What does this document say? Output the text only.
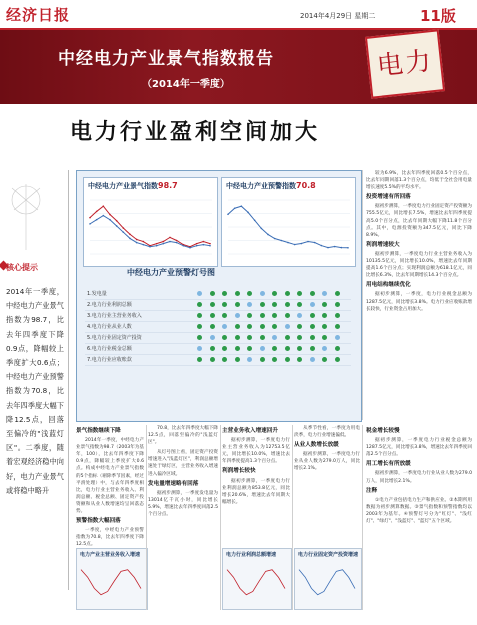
经济日报	2014年4月29日 星期二	11版
中经电力产业景气指数报告
（2014年一季度）
电力
电力行业盈利空间加大
核心提示
2014年一季度，中经电力产业景气指数为98.7，比去年四季度下降0.9点，降幅较上季度扩大0.6点；中经电力产业预警指数为70.8，比去年四季度大幅下降12.5点，回落至偏冷的"浅蓝灯区"。二季度，随着宏观经济稳中向好，电力产业景气或将稳中略升
中经电力产业景气指数98.7	中经电力产业预警指数70.8
中经电力产业预警灯号图
1.发电量
2.电力行业利润总额
3.电力行业主营业务收入
4.电力行业从业人数
5.电力行业固定资产投资
6.电力行业税金总额
7.电力行业应收账款

较为6.9%，比去年四季度回落0.5个百分点，比去年同期回落1.3个百分点，均低于全社会用电量增长速度5.5%的平均水平。

投资增速有所回落

据初步测算，一季度电力行业固定资产投资额为755.5亿元，同比增长7.5%，增速比去年四季度提高5.0个百分点，比去年同期大幅下降11.8个百分点。其中，电源投资额为347.5亿元，同比下降8.9%。

利润增速较大

据初步测算，一季度电力行业主营业务收入为10135.5亿元，同比增长10.0%，增速比去年同期提高1.6个百分点；实现利润总额为618.1亿元，同比增长6.3%，比去年同期增长14.3个百分点。

用电结构继续优化

据初步测算，一季度，电力行业税金总额为1287.5亿元，同比增长3.8%。电力行业应收账款增长较快，行业资金占用加大。

景气指数继续下降

2014年一季度，中经电力产业景气指数为98.7（2003年为基年，100），比去年四季度下降0.9点，降幅较上季度扩大0.6点。构成中经电力产业景气指数的5个指标（剔除季节因素，经过平滑处理）中，与去年四季度相比，电力行业主营业务收入、利润总额、税金总额、固定资产投资额和从业人数增速均呈回落态势。

预警指数大幅回落

一季度，中经电力产业预警指数为70.8，比去年四季度下降12.5点。

70.8，比去年四季度大幅下降12.5点，回落至偏冷的"浅蓝灯区"。

从灯号图上看，固定资产投资增速进入"浅蓝灯区"，利润总额增速处于绿灯区，主营业务收入增速进入偏冷区域。

发电量增速略有回落

据初步测算，一季度发电量为13014亿千瓦小时，同比增长5.9%，增速比去年四季度回落2.5个百分点。

主营业务收入增速回升

据初步测算，一季度电力行业主营业务收入为12753.5亿元，同比增长10.0%，增速比去年四季度提高1.3个百分点。

利润增长较快

据初步测算，一季度电力行业利润总额为853.8亿元，同比增长20.6%，增速比去年同期大幅增长。

从季节性看，一季度为用电淡季，电力行业增速偏低。

从业人数增长放缓

据初步测算，一季度电力行业从业人数为279.0万人，同比增长2.1%。

税金增长较慢

据初步测算，一季度电力行业税金总额为1287.5亿元，同比增长3.8%，增速比去年四季度回落2.5个百分点。

用工增长有所放缓

据初步测算，一季度电力行业从业人数为279.0万人，同比增长2.1%。

注释

①电力产业包括电力生产和供应业。②本期所用数据为初步测算数据。③景气指数和预警指数均以2003年为基年。④预警灯号分为"红灯"、"浅红灯"、"绿灯"、"浅蓝灯"、"蓝灯"五个区域。

电力产业主营业务收入增速	电力行业利润总额增速	电力行业固定资产投资增速
